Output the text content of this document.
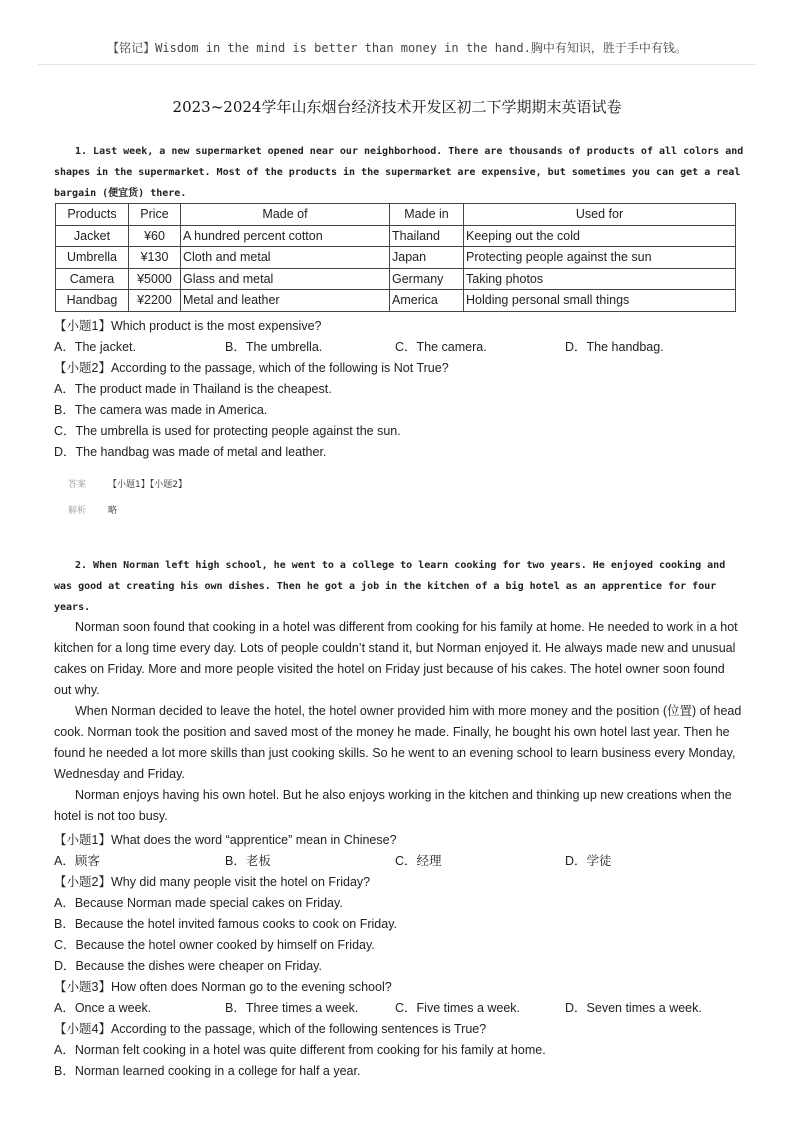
【铭记】Wisdom in the mind is better than money in the hand.胸中有知识，胜于手中有钱。
2023~2024学年山东烟台经济技术开发区初二下学期期末英语试卷
1. Last week, a new supermarket opened near our neighborhood. There are thousands of products of all colors and shapes in the supermarket. Most of the products in the supermarket are expensive, but sometimes you can get a real bargain (便宜货) there.
Products	Price	Made of	Made in	Used for
Jacket	¥60	A hundred percent cotton	Thailand	Keeping out the cold
Umbrella	¥130	Cloth and metal	Japan	Protecting people against the sun
Camera	¥5000	Glass and metal	Germany	Taking photos
Handbag	¥2200	Metal and leather	America	Holding personal small things
【小题1】Which product is the most expensive?
A．The jacket.	B．The umbrella.	C．The camera.	D．The handbag.
【小题2】According to the passage, which of the following is Not True?
A．The product made in Thailand is the cheapest.
B．The camera was made in America.
C．The umbrella is used for protecting people against the sun.
D．The handbag was made of metal and leather.
答案 【小题1】【小题2】
解析 略
2. When Norman left high school, he went to a college to learn cooking for two years. He enjoyed cooking and was good at creating his own dishes. Then he got a job in the kitchen of a big hotel as an apprentice for four years.
Norman soon found that cooking in a hotel was different from cooking for his family at home. He needed to work in a hot kitchen for a long time every day. Lots of people couldn’t stand it, but Norman enjoyed it. He always made new and unusual cakes on Friday. More and more people visited the hotel on Friday just because of his cakes. The hotel owner soon found out why.
When Norman decided to leave the hotel, the hotel owner provided him with more money and the position (位置) of head cook. Norman took the position and saved most of the money he made. Finally, he bought his own hotel last year. Then he found he needed a lot more skills than just cooking skills. So he went to an evening school to learn business every Monday, Wednesday and Friday.
Norman enjoys having his own hotel. But he also enjoys working in the kitchen and thinking up new creations when the hotel is not too busy.
【小题1】What does the word “apprentice” mean in Chinese?
A．顾客	B．老板	C．经理	D．学徒
【小题2】Why did many people visit the hotel on Friday?
A．Because Norman made special cakes on Friday.
B．Because the hotel invited famous cooks to cook on Friday.
C．Because the hotel owner cooked by himself on Friday.
D．Because the dishes were cheaper on Friday.
【小题3】How often does Norman go to the evening school?
A．Once a week.	B．Three times a week.	C．Five times a week.	D．Seven times a week.
【小题4】According to the passage, which of the following sentences is True?
A．Norman felt cooking in a hotel was quite different from cooking for his family at home.
B．Norman learned cooking in a college for half a year.
